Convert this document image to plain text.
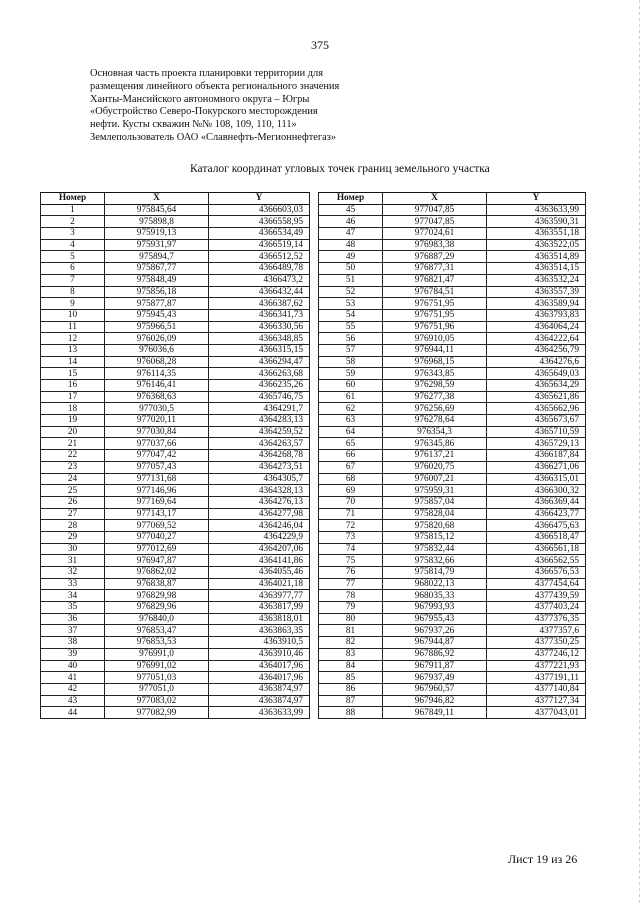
375
Основная часть проекта планировки территории для
размещения линейного объекта регионального значения
Ханты-Мансийского автономного округа – Югры
«Обустройство Северо-Покурского месторождения
нефти. Кусты скважин №№ 108, 109, 110, 111»
Землепользователь ОАО «Славнефть-Мегионнефтегаз»
Каталог координат угловых точек границ земельного участка
Номер	X	Y
1	975845,64	4366603,03
2	975898,8	4366558,95
3	975919,13	4366534,49
4	975931,97	4366519,14
5	975894,7	4366512,52
6	975867,77	4366489,78
7	975848,49	4366473,2
8	975856,18	4366432,44
9	975877,87	4366387,62
10	975945,43	4366341,73
11	975966,51	4366330,56
12	976026,09	4366348,85
13	976036,6	4366315,15
14	976068,28	4366294,47
15	976114,35	4366263,68
16	976146,41	4366235,26
17	976368,63	4365746,75
18	977030,5	4364291,7
19	977020,11	4364283,13
20	977030,84	4364259,52
21	977037,66	4364263,57
22	977047,42	4364268,78
23	977057,43	4364273,51
24	977131,68	4364305,7
25	977146,96	4364328,13
26	977169,64	4364276,13
27	977143,17	4364277,98
28	977069,52	4364246,04
29	977040,27	4364229,9
30	977012,69	4364207,06
31	976947,87	4364141,86
32	976862,02	4364055,46
33	976838,87	4364021,18
34	976829,98	4363977,77
35	976829,96	4363817,99
36	976840,0	4363818,01
37	976853,47	4363863,35
38	976853,53	4363910,5
39	976991,0	4363910,46
40	976991,02	4364017,96
41	977051,03	4364017,96
42	977051,0	4363874,97
43	977083,02	4363874,97
44	977082,99	4363633,99
Номер	X	Y
45	977047,85	4363633,99
46	977047,85	4363590,31
47	977024,61	4363551,18
48	976983,38	4363522,05
49	976887,29	4363514,89
50	976877,31	4363514,15
51	976821,47	4363532,24
52	976784,51	4363557,39
53	976751,95	4363589,94
54	976751,95	4363793,83
55	976751,96	4364064,24
56	976910,05	4364222,64
57	976944,11	4364256,79
58	976968,15	4364276,6
59	976343,85	4365649,03
60	976298,59	4365634,29
61	976277,38	4365621,86
62	976256,69	4365662,96
63	976278,64	4365673,67
64	976354,3	4365710,59
65	976345,86	4365729,13
66	976137,21	4366187,84
67	976020,75	4366271,06
68	976007,21	4366315,01
69	975959,31	4366300,32
70	975857,04	4366369,44
71	975828,04	4366423,77
72	975820,68	4366475,63
73	975815,12	4366518,47
74	975832,44	4366561,18
75	975832,66	4366562,55
76	975814,79	4366576,53
77	968022,13	4377454,64
78	968035,33	4377439,59
79	967993,93	4377403,24
80	967955,43	4377376,35
81	967937,26	4377357,6
82	967944,87	4377350,25
83	967886,92	4377246,12
84	967911,87	4377221,93
85	967937,49	4377191,11
86	967960,57	4377140,84
87	967946,82	4377127,34
88	967849,11	4377043,01
Лист 19 из 26
